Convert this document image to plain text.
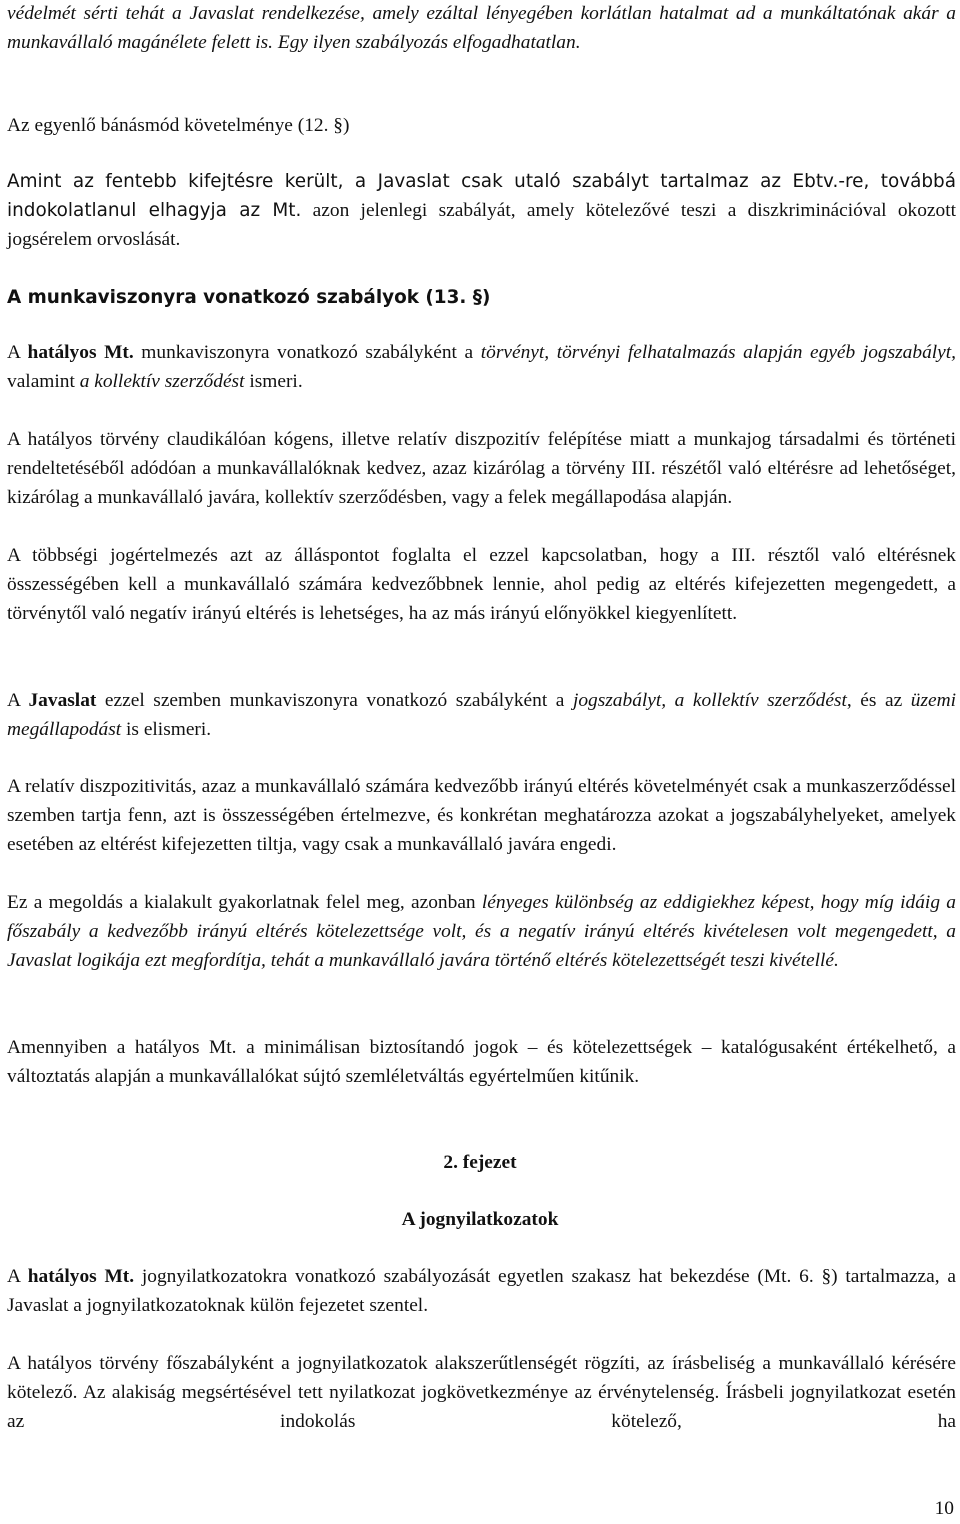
védelmét sérti tehát a Javaslat rendelkezése, amely ezáltal lényegében korlátlan hatalmat ad a munkáltatónak akár a munkavállaló magánélete felett is. Egy ilyen szabályozás elfogadhatatlan.

Az egyenlő bánásmód követelménye (12. §)

Amint az fentebb kifejtésre került, a Javaslat csak utaló szabályt tartalmaz az Ebtv.-re, továbbá indokolatlanul elhagyja az Mt. azon jelenlegi szabályát, amely kötelezővé teszi a diszkriminációval okozott jogsérelem orvoslását.

A munkaviszonyra vonatkozó szabályok (13. §)

A hatályos Mt. munkaviszonyra vonatkozó szabályként a törvényt, törvényi felhatalmazás alapján egyéb jogszabályt, valamint a kollektív szerződést ismeri.

A hatályos törvény claudikálóan kógens, illetve relatív diszpozitív felépítése miatt a munkajog társadalmi és történeti rendeltetéséből adódóan a munkavállalóknak kedvez, azaz kizárólag a törvény III. részétől való eltérésre ad lehetőséget, kizárólag a munkavállaló javára, kollektív szerződésben, vagy a felek megállapodása alapján.

A többségi jogértelmezés azt az álláspontot foglalta el ezzel kapcsolatban, hogy a III. résztől való eltérésnek összességében kell a munkavállaló számára kedvezőbbnek lennie, ahol pedig az eltérés kifejezetten megengedett, a törvénytől való negatív irányú eltérés is lehetséges, ha az más irányú előnyökkel kiegyenlített.

A Javaslat ezzel szemben munkaviszonyra vonatkozó szabályként a jogszabályt, a kollektív szerződést, és az üzemi megállapodást is elismeri.

A relatív diszpozitivitás, azaz a munkavállaló számára kedvezőbb irányú eltérés követelményét csak a munkaszerződéssel szemben tartja fenn, azt is összességében értelmezve, és konkrétan meghatározza azokat a jogszabályhelyeket, amelyek esetében az eltérést kifejezetten tiltja, vagy csak a munkavállaló javára engedi.

Ez a megoldás a kialakult gyakorlatnak felel meg, azonban lényeges különbség az eddigiekhez képest, hogy míg idáig a főszabály a kedvezőbb irányú eltérés kötelezettsége volt, és a negatív irányú eltérés kivételesen volt megengedett, a Javaslat logikája ezt megfordítja, tehát a munkavállaló javára történő eltérés kötelezettségét teszi kivétellé.

Amennyiben a hatályos Mt. a minimálisan biztosítandó jogok – és kötelezettségek – katalógusaként értékelhető, a változtatás alapján a munkavállalókat sújtó szemléletváltás egyértelműen kitűnik.

2. fejezet

A jognyilatkozatok

A hatályos Mt. jognyilatkozatokra vonatkozó szabályozását egyetlen szakasz hat bekezdése (Mt. 6. §) tartalmazza, a Javaslat a jognyilatkozatoknak külön fejezetet szentel.

A hatályos törvény főszabályként a jognyilatkozatok alakszerűtlenségét rögzíti, az írásbeliség a munkavállaló kérésére kötelező. Az alakiság megsértésével tett nyilatkozat jogkövetkezménye az érvénytelenség. Írásbeli jognyilatkozat esetén az indokolás kötelező, ha

10
